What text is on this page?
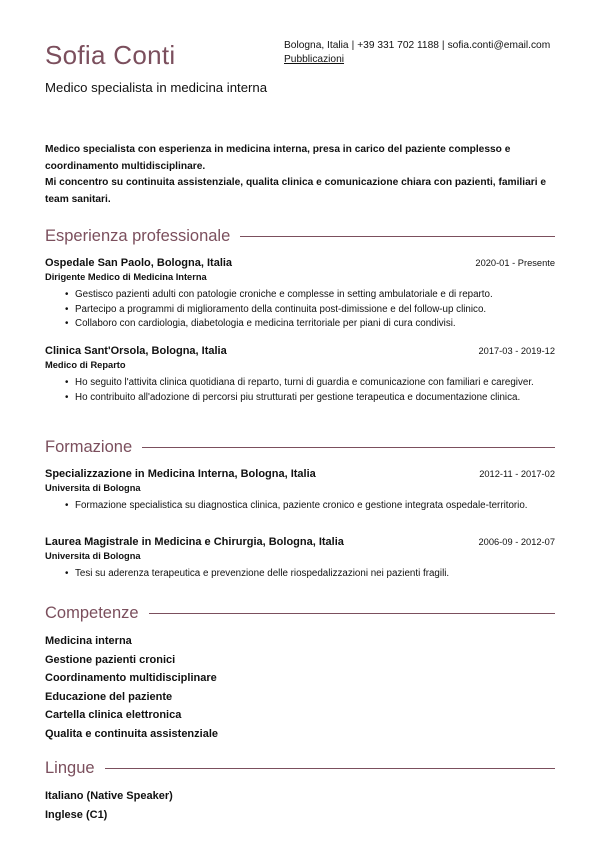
Sofia Conti
Medico specialista in medicina interna
Bologna, Italia | +39 331 702 1188 | sofia.conti@email.com
Pubblicazioni

Medico specialista con esperienza in medicina interna, presa in carico del paziente complesso e coordinamento multidisciplinare.

Mi concentro su continuita assistenziale, qualita clinica e comunicazione chiara con pazienti, familiari e team sanitari.

Esperienza professionale
Ospedale San Paolo, Bologna, Italia	2020-01 - Presente
Dirigente Medico di Medicina Interna
• Gestisco pazienti adulti con patologie croniche e complesse in setting ambulatoriale e di reparto.
• Partecipo a programmi di miglioramento della continuita post-dimissione e del follow-up clinico.
• Collaboro con cardiologia, diabetologia e medicina territoriale per piani di cura condivisi.
Clinica Sant'Orsola, Bologna, Italia	2017-03 - 2019-12
Medico di Reparto
• Ho seguito l'attivita clinica quotidiana di reparto, turni di guardia e comunicazione con familiari e caregiver.
• Ho contribuito all'adozione di percorsi piu strutturati per gestione terapeutica e documentazione clinica.
Formazione
Specializzazione in Medicina Interna, Bologna, Italia	2012-11 - 2017-02
Universita di Bologna
• Formazione specialistica su diagnostica clinica, paziente cronico e gestione integrata ospedale-territorio.
Laurea Magistrale in Medicina e Chirurgia, Bologna, Italia	2006-09 - 2012-07
Universita di Bologna
• Tesi su aderenza terapeutica e prevenzione delle riospedalizzazioni nei pazienti fragili.
Competenze
Medicina interna
Gestione pazienti cronici
Coordinamento multidisciplinare
Educazione del paziente
Cartella clinica elettronica
Qualita e continuita assistenziale
Lingue
Italiano (Native Speaker)
Inglese (C1)
